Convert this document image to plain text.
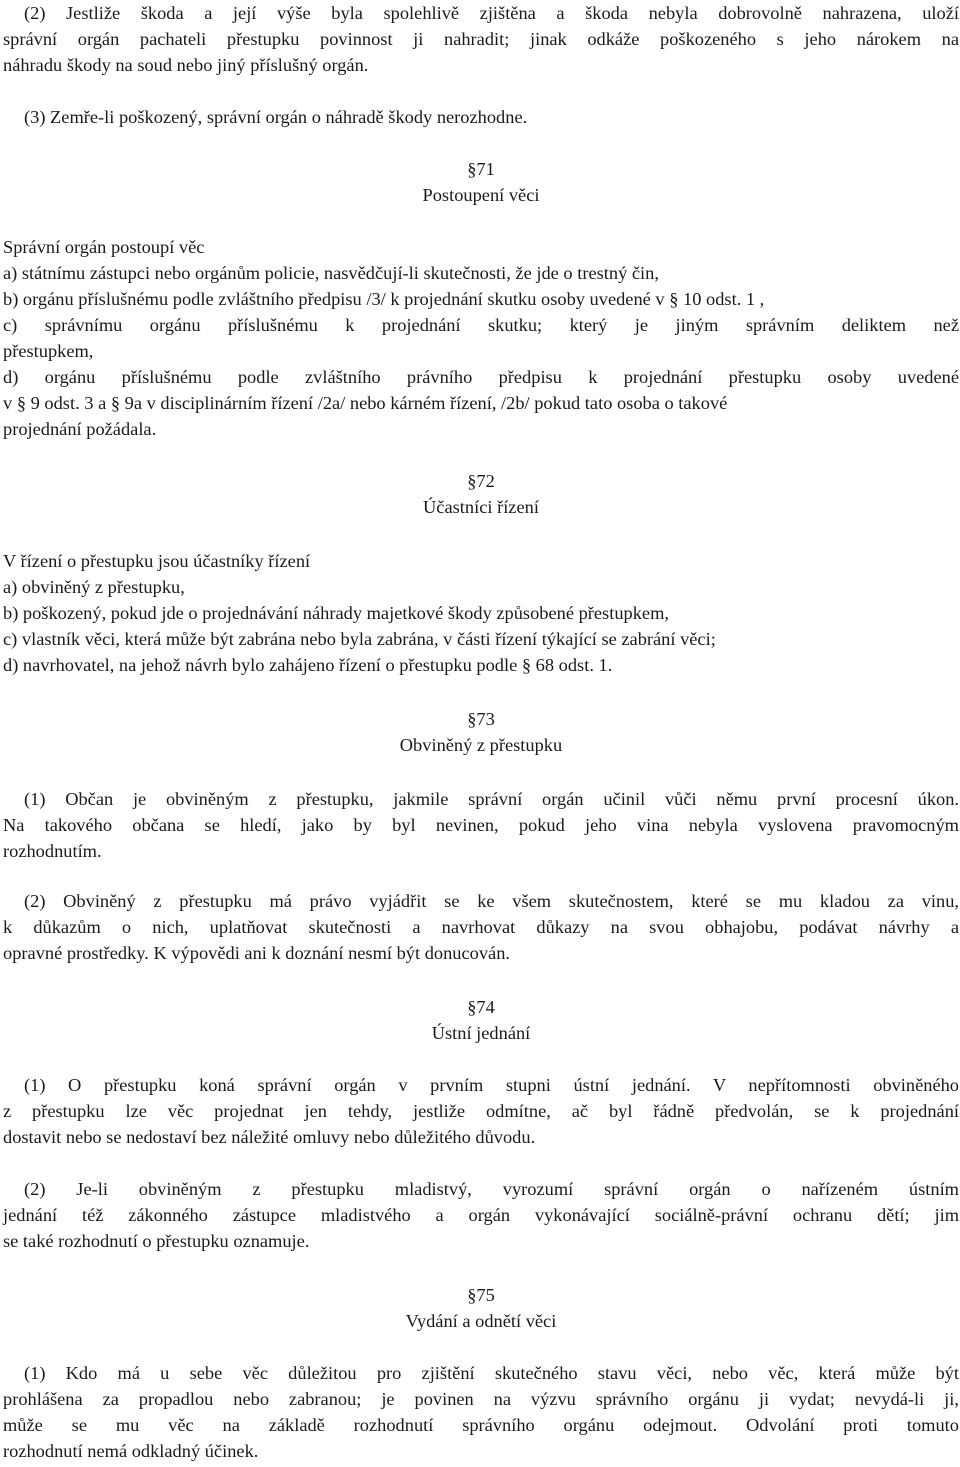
(2) Jestliže škoda a její výše byla spolehlivě zjištěna a škoda nebyla dobrovolně nahrazena, uloží
správní orgán pachateli přestupku povinnost ji nahradit; jinak odkáže poškozeného s jeho nárokem na
náhradu škody na soud nebo jiný příslušný orgán.
(3) Zemře-li poškozený, správní orgán o náhradě škody nerozhodne.
§71
Postoupení věci
Správní orgán postoupí věc
a) státnímu zástupci nebo orgánům policie, nasvědčují-li skutečnosti, že jde o trestný čin,
b) orgánu příslušnému podle zvláštního předpisu /3/ k projednání skutku osoby uvedené v § 10 odst. 1 ,
c) správnímu orgánu příslušnému k projednání skutku; který je jiným správním deliktem než
přestupkem,
d) orgánu příslušnému podle zvláštního právního předpisu k projednání přestupku osoby uvedené
v § 9 odst. 3 a § 9a v disciplinárním řízení /2a/ nebo kárném řízení, /2b/ pokud tato osoba o takové
projednání požádala.
§72
Účastníci řízení
V řízení o přestupku jsou účastníky řízení
a) obviněný z přestupku,
b) poškozený, pokud jde o projednávání náhrady majetkové škody způsobené přestupkem,
c) vlastník věci, která může být zabrána nebo byla zabrána, v části řízení týkající se zabrání věci;
d) navrhovatel, na jehož návrh bylo zahájeno řízení o přestupku podle § 68 odst. 1.
§73
Obviněný z přestupku
(1) Občan je obviněným z přestupku, jakmile správní orgán učinil vůči němu první procesní úkon.
Na takového občana se hledí, jako by byl nevinen, pokud jeho vina nebyla vyslovena pravomocným
rozhodnutím.
(2) Obviněný z přestupku má právo vyjádřit se ke všem skutečnostem, které se mu kladou za vinu,
k důkazům o nich, uplatňovat skutečnosti a navrhovat důkazy na svou obhajobu, podávat návrhy a
opravné prostředky. K výpovědi ani k doznání nesmí být donucován.
§74
Ústní jednání
(1) O přestupku koná správní orgán v prvním stupni ústní jednání. V nepřítomnosti obviněného
z přestupku lze věc projednat jen tehdy, jestliže odmítne, ač byl řádně předvolán, se k projednání
dostavit nebo se nedostaví bez náležité omluvy nebo důležitého důvodu.
(2) Je-li obviněným z přestupku mladistvý, vyrozumí správní orgán o nařízeném ústním
jednání též zákonného zástupce mladistvého a orgán vykonávající sociálně-právní ochranu dětí; jim
se také rozhodnutí o přestupku oznamuje.
§75
Vydání a odnětí věci
(1) Kdo má u sebe věc důležitou pro zjištění skutečného stavu věci, nebo věc, která může být
prohlášena za propadlou nebo zabranou; je povinen na výzvu správního orgánu ji vydat; nevydá-li ji,
může se mu věc na základě rozhodnutí správního orgánu odejmout. Odvolání proti tomuto
rozhodnutí nemá odkladný účinek.
